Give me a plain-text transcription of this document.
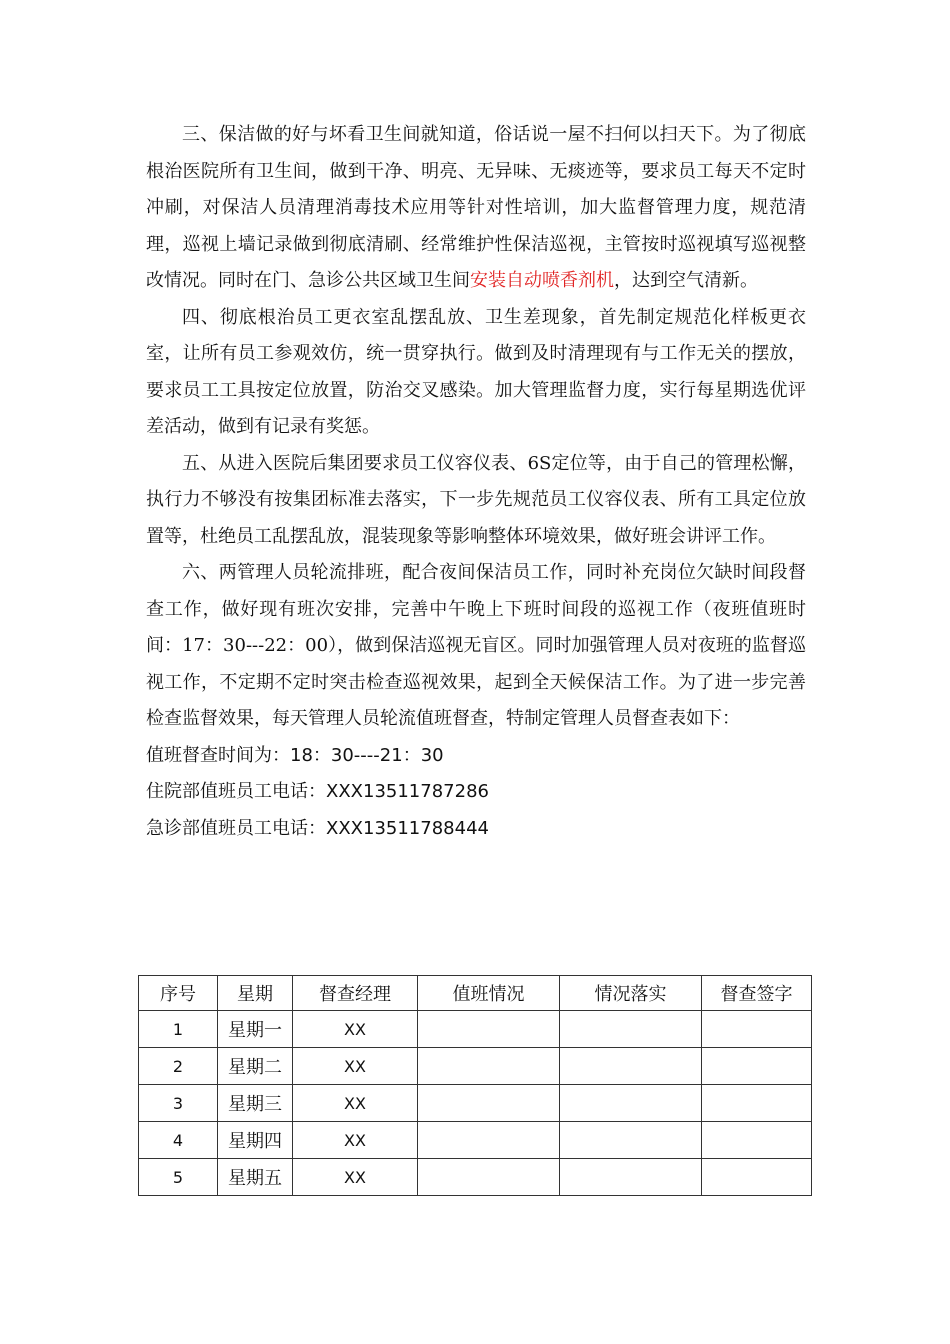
三、保洁做的好与坏看卫生间就知道，俗话说一屋不扫何以扫天下。为了彻底根治医院所有卫生间，做到干净、明亮、无异味、无痰迹等，要求员工每天不定时冲刷，对保洁人员清理消毒技术应用等针对性培训，加大监督管理力度，规范清理，巡视上墙记录做到彻底清刷、经常维护性保洁巡视，主管按时巡视填写巡视整改情况。同时在门、急诊公共区域卫生间安装自动喷香剂机，达到空气清新。

四、彻底根治员工更衣室乱摆乱放、卫生差现象，首先制定规范化样板更衣室，让所有员工参观效仿，统一贯穿执行。做到及时清理现有与工作无关的摆放，要求员工工具按定位放置，防治交叉感染。加大管理监督力度，实行每星期选优评差活动，做到有记录有奖惩。

五、从进入医院后集团要求员工仪容仪表、6S定位等，由于自己的管理松懈，执行力不够没有按集团标准去落实，下一步先规范员工仪容仪表、所有工具定位放置等，杜绝员工乱摆乱放，混装现象等影响整体环境效果，做好班会讲评工作。

六、两管理人员轮流排班，配合夜间保洁员工作，同时补充岗位欠缺时间段督查工作，做好现有班次安排，完善中午晚上下班时间段的巡视工作（夜班值班时间：17：30---22：00），做到保洁巡视无盲区。同时加强管理人员对夜班的监督巡视工作，不定期不定时突击检查巡视效果，起到全天候保洁工作。为了进一步完善检查监督效果，每天管理人员轮流值班督查，特制定管理人员督查表如下：

值班督查时间为：18：30----21：30

住院部值班员工电话：XXX13511787286

急诊部值班员工电话：XXX13511788444

序号	星期	督查经理	值班情况	情况落实	督查签字
1	星期一	XX			
2	星期二	XX			
3	星期三	XX			
4	星期四	XX			
5	星期五	XX			
